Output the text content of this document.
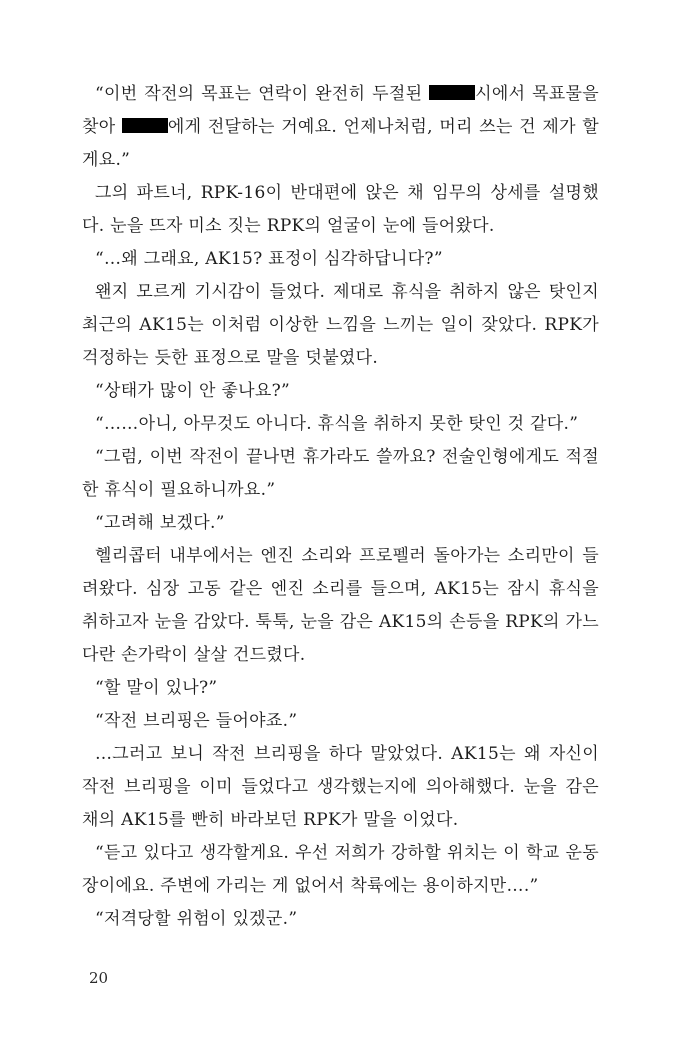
“이번 작전의 목표는 연락이 완전히 두절된	시에서 목표물을 찾아	에게 전달하는 거예요. 언제나처럼, 머리 쓰는 건 제가 할게요.”

그의 파트너, RPK-16이 반대편에 앉은 채 임무의 상세를 설명했다. 눈을 뜨자 미소 짓는 RPK의 얼굴이 눈에 들어왔다.

“…왜 그래요, AK15? 표정이 심각하답니다?”

왠지 모르게 기시감이 들었다. 제대로 휴식을 취하지 않은 탓인지 최근의 AK15는 이처럼 이상한 느낌을 느끼는 일이 잦았다. RPK가 걱정하는 듯한 표정으로 말을 덧붙였다.

“상태가 많이 안 좋나요?”

“……아니, 아무것도 아니다. 휴식을 취하지 못한 탓인 것 같다.”

“그럼, 이번 작전이 끝나면 휴가라도 쓸까요? 전술인형에게도 적절한 휴식이 필요하니까요.”

“고려해 보겠다.”

헬리콥터 내부에서는 엔진 소리와 프로펠러 돌아가는 소리만이 들려왔다. 심장 고동 같은 엔진 소리를 들으며, AK15는 잠시 휴식을 취하고자 눈을 감았다. 툭툭, 눈을 감은 AK15의 손등을 RPK의 가느다란 손가락이 살살 건드렸다.

“할 말이 있나?”

“작전 브리핑은 들어야죠.”

…그러고 보니 작전 브리핑을 하다 말았었다. AK15는 왜 자신이 작전 브리핑을 이미 들었다고 생각했는지에 의아해했다. 눈을 감은 채의 AK15를 빤히 바라보던 RPK가 말을 이었다.

“듣고 있다고 생각할게요. 우선 저희가 강하할 위치는 이 학교 운동장이에요. 주변에 가리는 게 없어서 착륙에는 용이하지만….”

“저격당할 위험이 있겠군.”

20
